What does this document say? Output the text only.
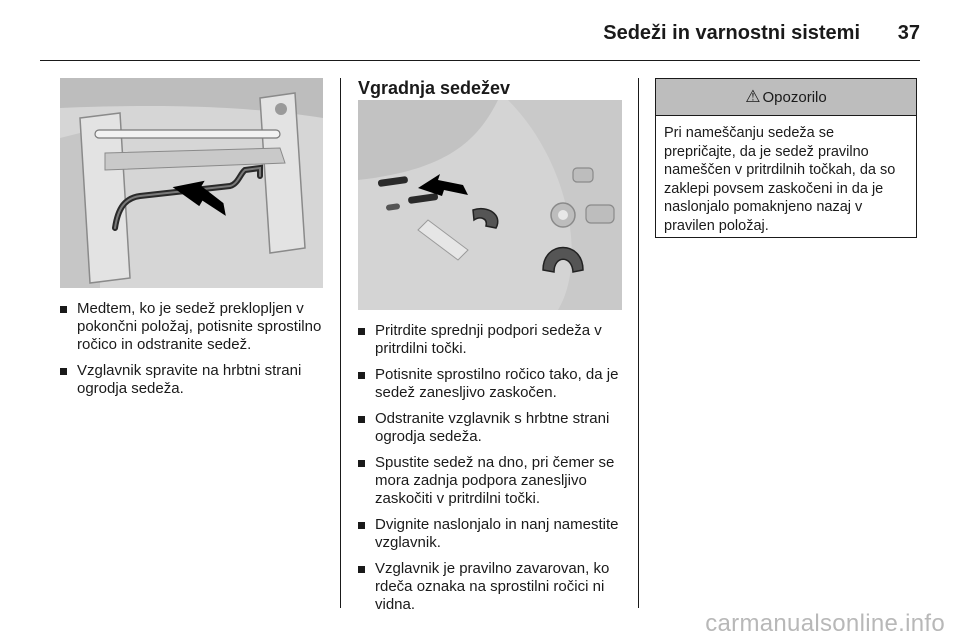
Sedeži in varnostni sistemi	37
Medtem, ko je sedež preklopljen v pokončni položaj, potisnite sprostilno ročico in odstranite sedež.
Vzglavnik spravite na hrbtni strani ogrodja sedeža.
Vgradnja sedežev
Pritrdite sprednji podpori sedeža v pritrdilni točki.
Potisnite sprostilno ročico tako, da je sedež zanesljivo zaskočen.
Odstranite vzglavnik s hrbtne strani ogrodja sedeža.
Spustite sedež na dno, pri čemer se mora zadnja podpora zanesljivo zaskočiti v pritrdilni točki.
Dvignite naslonjalo in nanj namestite vzglavnik.
Vzglavnik je pravilno zavarovan, ko rdeča oznaka na sprostilni ročici ni vidna.
⚠ Opozorilo
Pri nameščanju sedeža se prepričajte, da je sedež pravilno nameščen v pritrdilnih točkah, da so zaklepi povsem zaskočeni in da je naslonjalo pomaknjeno nazaj v pravilen položaj.
carmanualsonline.info
